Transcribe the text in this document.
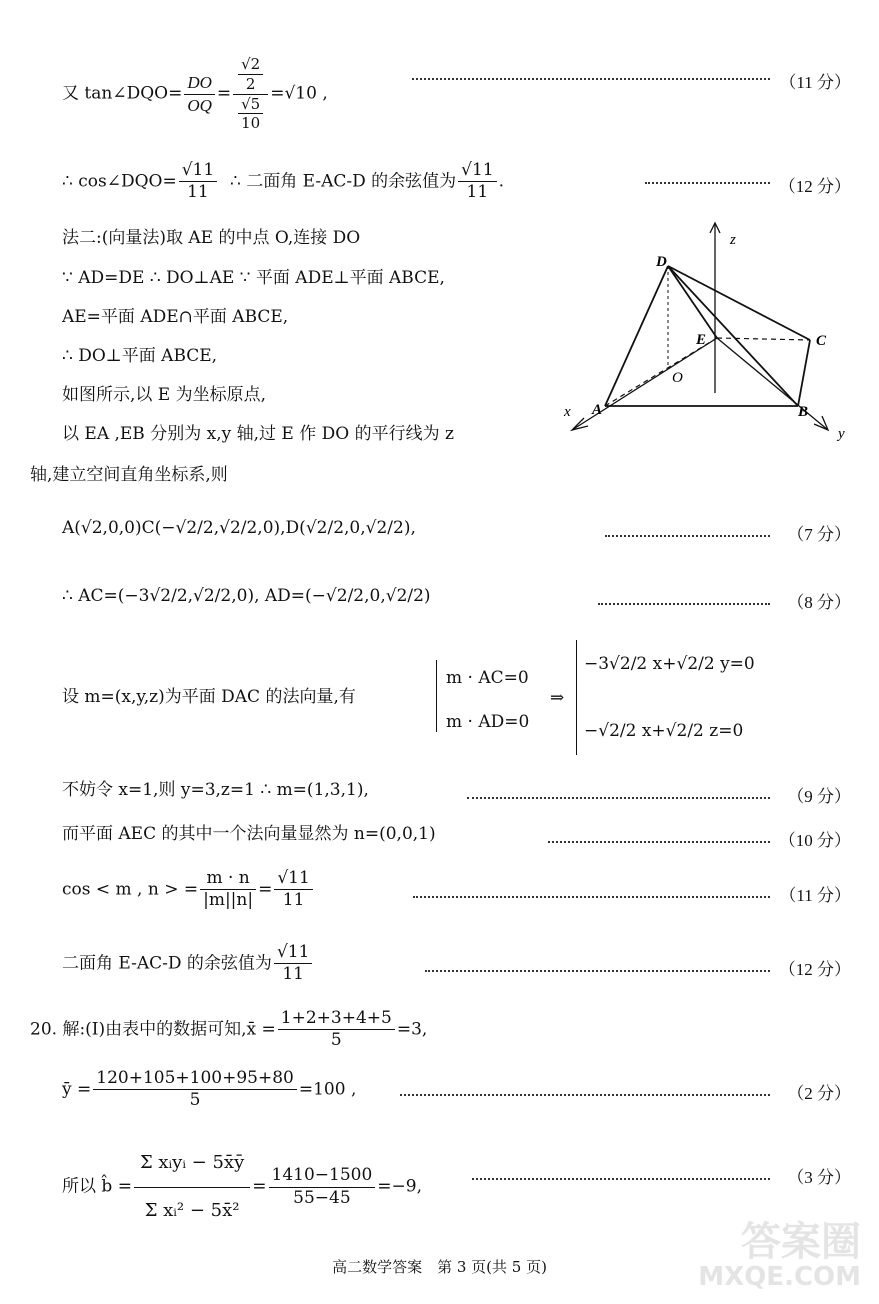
又 tan∠DQO= $\frac{DO}{OQ} = \frac{\frac{√2}{2}}{\frac{√5}{10}} =√10$ ,
（11 分）
∴ cos∠DQO= $\frac{√11}{11}$ ∴ 二面角 E-AC-D 的余弦值为 $\frac{√11}{11}$ .	（12 分）
法二:(向量法)取 AE 的中点 O,连接 DO
∵ AD=DE ∴ DO⊥AE ∵ 平面 ADE⊥平面 ABCE,
AE=平面 ADE∩平面 ABCE,
∴ DO⊥平面 ABCE,
如图所示,以 E 为坐标原点,
以 EA ,EB 分别为 x,y 轴,过 E 作 DO 的平行线为 z
轴,建立空间直角坐标系,则
D
E	C
A	B
O
x
y
z
A(√2,0,0)C(−√2/2,√2/2,0),D(√2/2,0,√2/2),	（7 分）
∴ AC=(−3√2/2,√2/2,0), AD=(−√2/2,0,√2/2)	（8 分）
设 m=(x,y,z)为平面 DAC 的法向量,有
m · AC=0
m · AD=0
⇒
−3√2/2 x+√2/2 y=0
−√2/2 x+√2/2 z=0
不妨令 x=1,则 y=3,z=1 ∴ m=(1,3,1),	（9 分）
而平面 AEC 的其中一个法向量显然为 n=(0,0,1)	（10 分）
cos < m , n > = $\frac{m \cdot n}{|m||n|} = \frac{√11}{11}$	（11 分）
二面角 E-AC-D 的余弦值为 $\frac{√11}{11}$	（12 分）
20. 解:(Ⅰ)由表中的数据可知,x̄ = $\frac{1+2+3+4+5}{5} =3$,
ȳ = $\frac{120+105+100+95+80}{5} =100$ ,	（2 分）
所以 b̂ = $\frac{\text{Σ xᵢyᵢ − 5x̄ȳ}}{\text{Σ xᵢ² − 5x̄²}} = \frac{1410-1500}{55-45} =-9$,	（3 分）
高二数学答案　第 3 页(共 5 页)
答案圈
MXQE.COM
